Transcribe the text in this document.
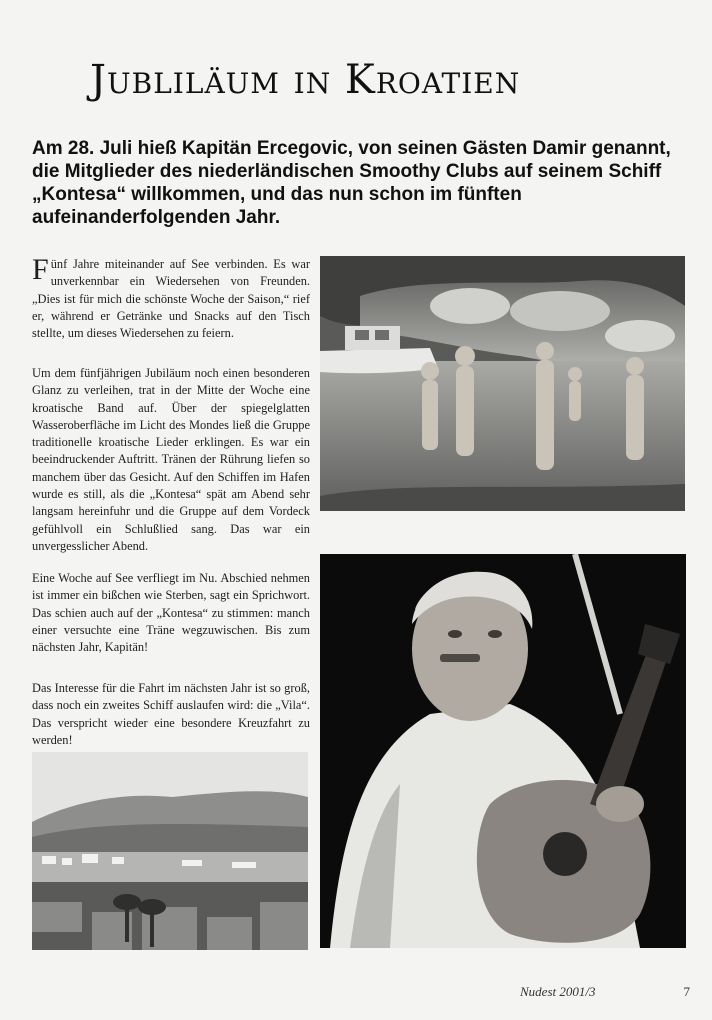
Jubliläum in Kroatien
Am 28. Juli hieß Kapitän Ercegovic, von seinen Gästen Damir genannt, die Mitglieder des niederländischen Smoothy Clubs auf seinem Schiff „Kontesa“ willkommen, und das nun schon im fünften aufeinanderfolgenden Jahr.

Fünf Jahre miteinander auf See verbinden. Es war unverkennbar ein Wiedersehen von Freunden. „Dies ist für mich die schönste Woche der Saison,“ rief er, während er Getränke und Snacks auf den Tisch stellte, um dieses Wiedersehen zu feiern.

Um dem fünfjährigen Jubiläum noch einen besonderen Glanz zu verleihen, trat in der Mitte der Woche eine kroatische Band auf. Über der spiegelglatten Wasseroberfläche im Licht des Mondes ließ die Gruppe traditionelle kroatische Lieder erklingen. Es war ein beeindruckender Auftritt. Tränen der Rührung liefen so manchem über das Gesicht. Auf den Schiffen im Hafen wurde es still, als die „Kontesa“ spät am Abend sehr langsam hereinfuhr und die Gruppe auf dem Vordeck gefühlvoll ein Schlußlied sang. Das war ein unvergesslicher Abend.

Eine Woche auf See verfliegt im Nu. Abschied nehmen ist immer ein bißchen wie Sterben, sagt ein Sprichwort. Das schien auch auf der „Kontesa“ zu stimmen: manch einer versuchte eine Träne wegzuwischen. Bis zum nächsten Jahr, Kapitän!

Das Interesse für die Fahrt im nächsten Jahr ist so groß, dass noch ein zweites Schiff auslaufen wird: die „Vila“. Das verspricht wieder eine besondere Kreuzfahrt zu werden!

Nudest 2001/3	7
